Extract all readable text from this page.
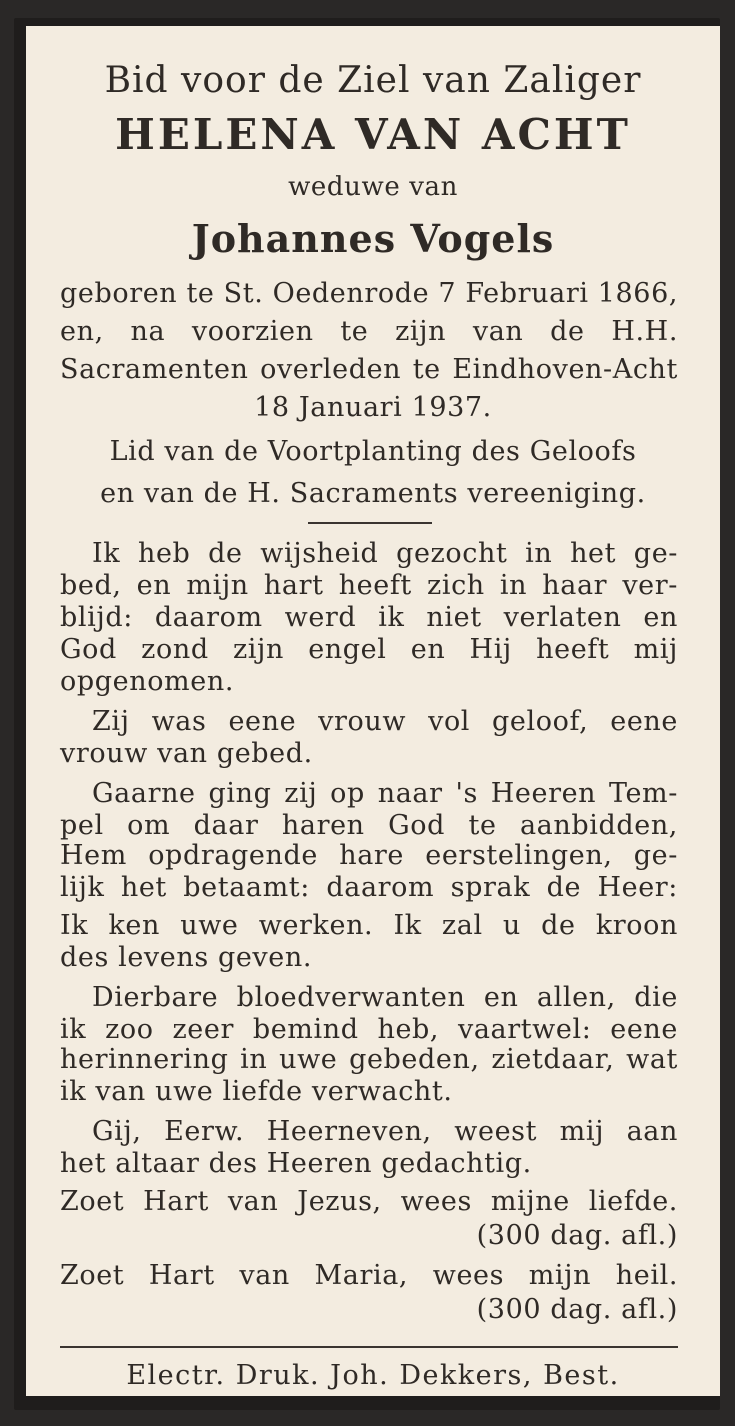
Bid voor de Ziel van Zaliger
HELENA VAN ACHT
weduwe van
Johannes Vogels
geboren te St. Oedenrode 7 Februari 1866,
en, na voorzien te zijn van de H.H.
Sacramenten overleden te Eindhoven-Acht
18 Januari 1937.
Lid van de Voortplanting des Geloofs
en van de H. Sacraments vereeniging.
Ik heb de wijsheid gezocht in het ge-
bed, en mijn hart heeft zich in haar ver-
blijd: daarom werd ik niet verlaten en
God zond zijn engel en Hij heeft mij
opgenomen.
Zij was eene vrouw vol geloof, eene
vrouw van gebed.
Gaarne ging zij op naar 's Heeren Tem-
pel om daar haren God te aanbidden,
Hem opdragende hare eerstelingen, ge-
lijk het betaamt: daarom sprak de Heer:
Ik ken uwe werken. Ik zal u de kroon
des levens geven.
Dierbare bloedverwanten en allen, die
ik zoo zeer bemind heb, vaartwel: eene
herinnering in uwe gebeden, zietdaar, wat
ik van uwe liefde verwacht.
Gij, Eerw. Heerneven, weest mij aan
het altaar des Heeren gedachtig.
Zoet Hart van Jezus, wees mijne liefde.
(300 dag. afl.)
Zoet Hart van Maria, wees mijn heil.
(300 dag. afl.)
Electr. Druk. Joh. Dekkers, Best.
